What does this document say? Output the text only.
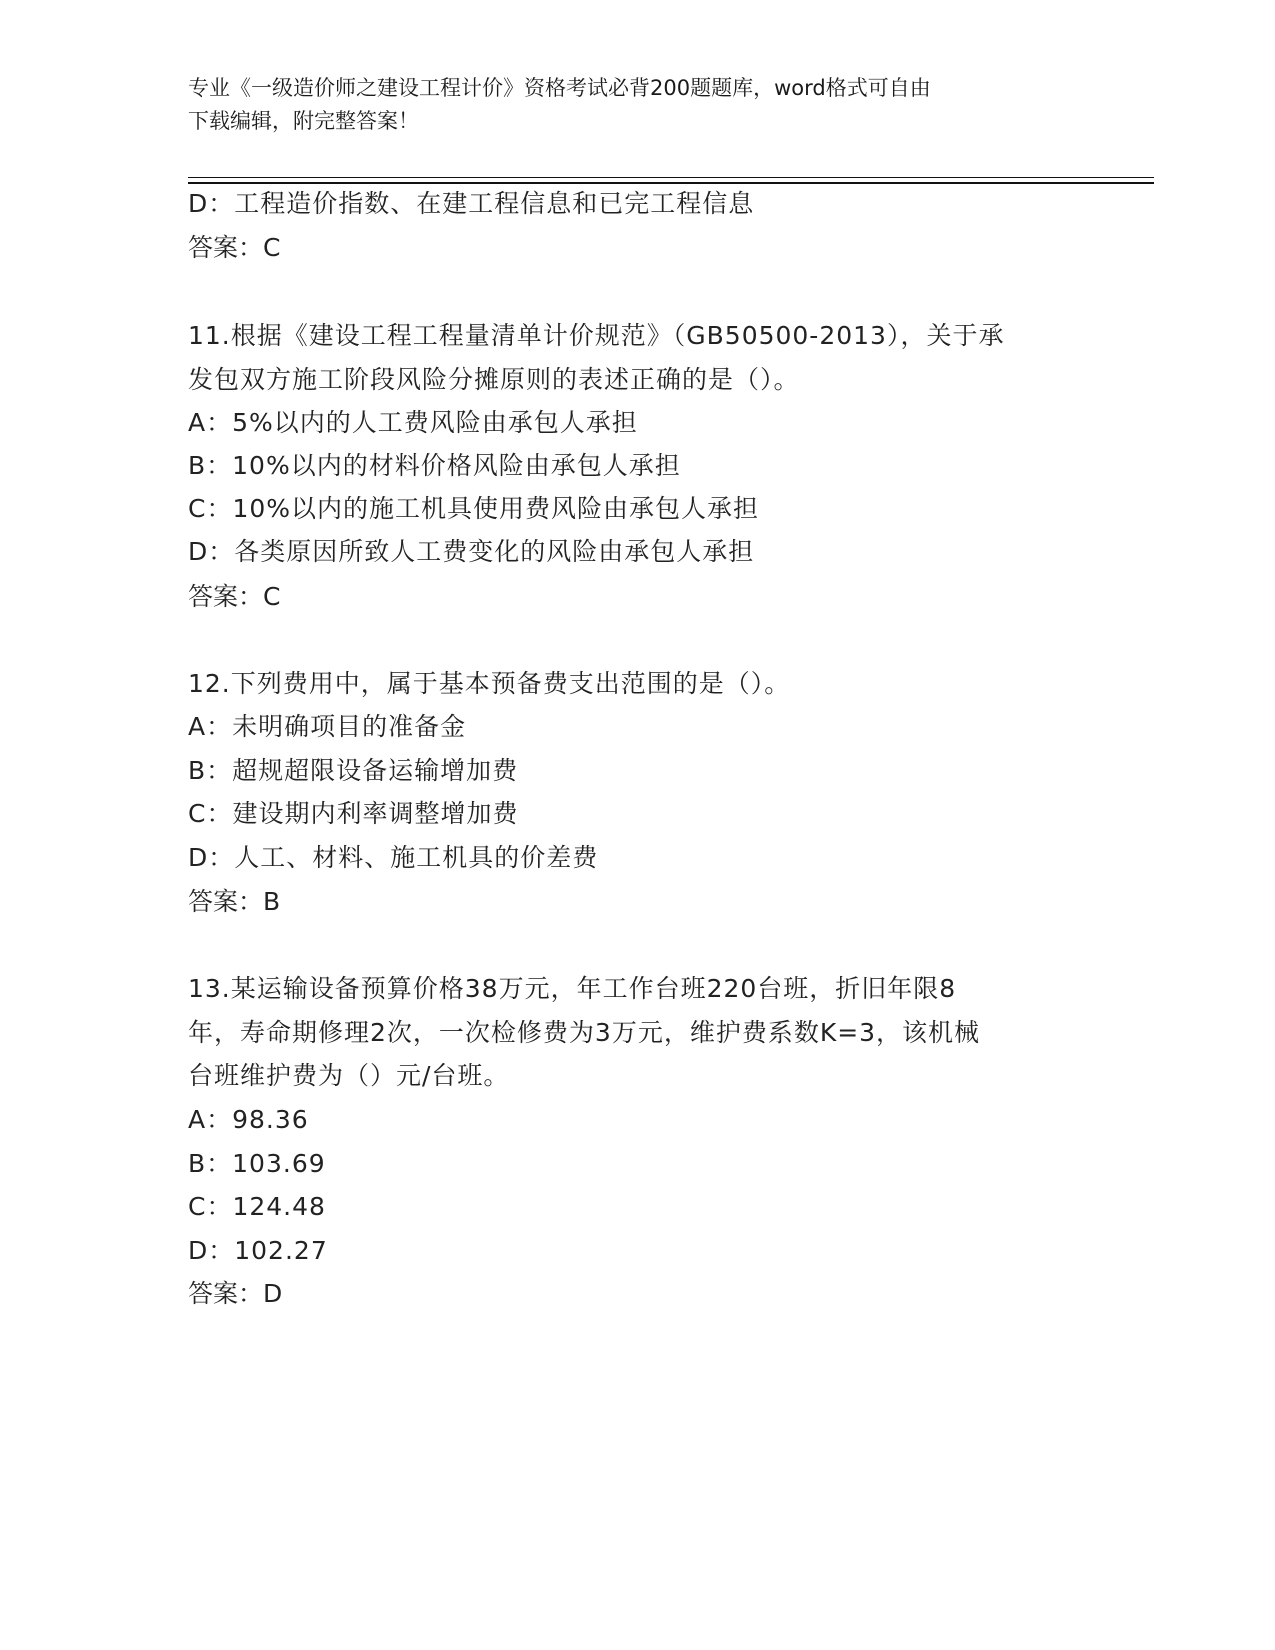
专业《一级造价师之建设工程计价》资格考试必背200题题库，word格式可自由
下载编辑，附完整答案！
D：工程造价指数、在建工程信息和已完工程信息
答案：C
11.根据《建设工程工程量清单计价规范》（GB50500-2013），关于承
发包双方施工阶段风险分摊原则的表述正确的是（）。
A：5%以内的人工费风险由承包人承担
B：10%以内的材料价格风险由承包人承担
C：10%以内的施工机具使用费风险由承包人承担
D：各类原因所致人工费变化的风险由承包人承担
答案：C
12.下列费用中，属于基本预备费支出范围的是（）。
A：未明确项目的准备金
B：超规超限设备运输增加费
C：建设期内利率调整增加费
D：人工、材料、施工机具的价差费
答案：B
13.某运输设备预算价格38万元，年工作台班220台班，折旧年限8
年，寿命期修理2次，一次检修费为3万元，维护费系数K=3，该机械
台班维护费为（）元/台班。
A：98.36
B：103.69
C：124.48
D：102.27
答案：D
